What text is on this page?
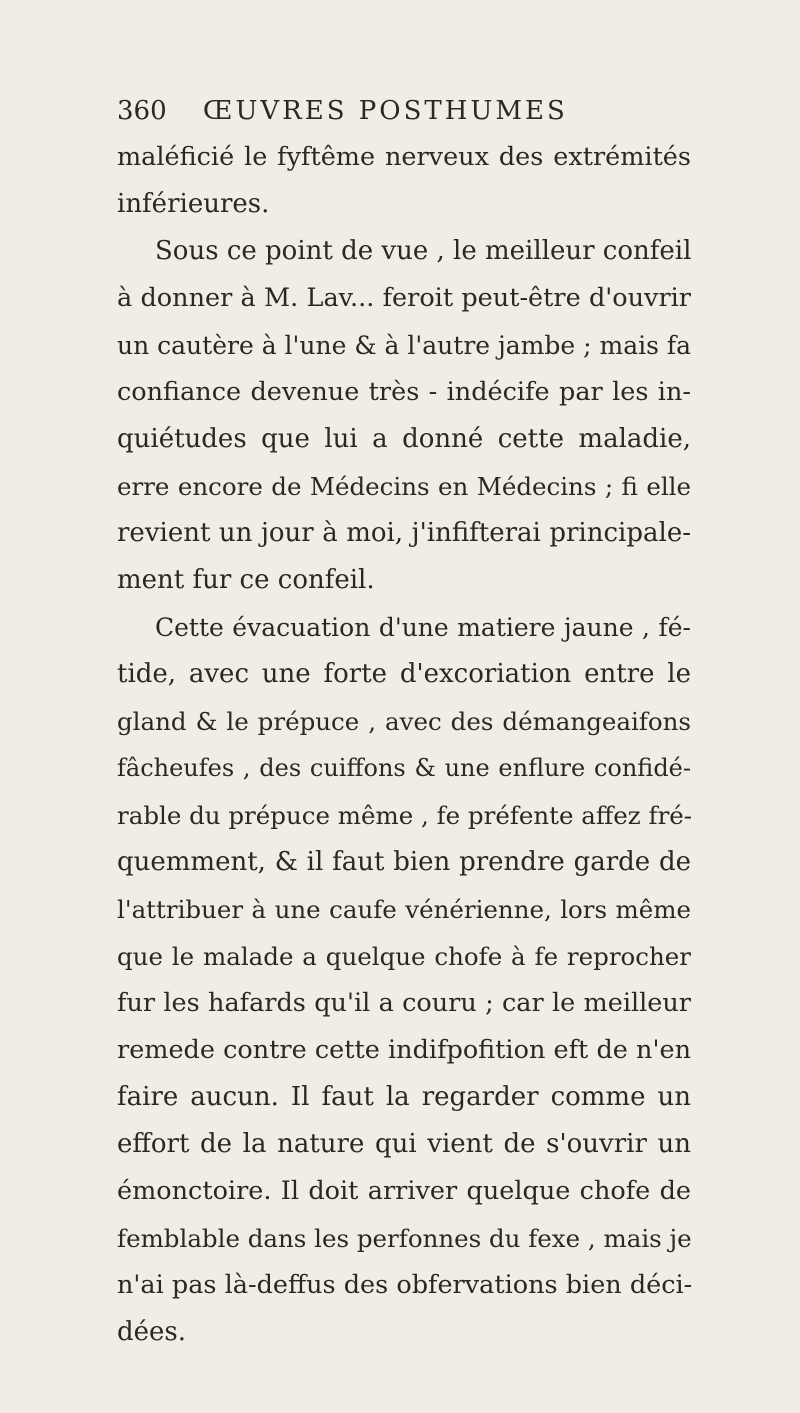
360 ŒUVRES POSTHUMES
maléficié le fyftême nerveux des extrémités
inférieures.
Sous ce point de vue , le meilleur confeil
à donner à M. Lav... feroit peut-être d'ouvrir
un cautère à l'une & à l'autre jambe ; mais fa
confiance devenue très - indécife par les in-
quiétudes que lui a donné cette maladie,
erre encore de Médecins en Médecins ; fi elle
revient un jour à moi, j'infifterai principale-
ment fur ce confeil.
Cette évacuation d'une matiere jaune , fé-
tide, avec une forte d'excoriation entre le
gland & le prépuce , avec des démangeaifons
fâcheufes , des cuiffons & une enflure confidé-
rable du prépuce même , fe préfente affez fré-
quemment, & il faut bien prendre garde de
l'attribuer à une caufe vénérienne, lors même
que le malade a quelque chofe à fe reprocher
fur les hafards qu'il a couru ; car le meilleur
remede contre cette indifpofition eft de n'en
faire aucun. Il faut la regarder comme un
effort de la nature qui vient de s'ouvrir un
émonctoire. Il doit arriver quelque chofe de
femblable dans les perfonnes du fexe , mais je
n'ai pas là-deffus des obfervations bien déci-
dées.
